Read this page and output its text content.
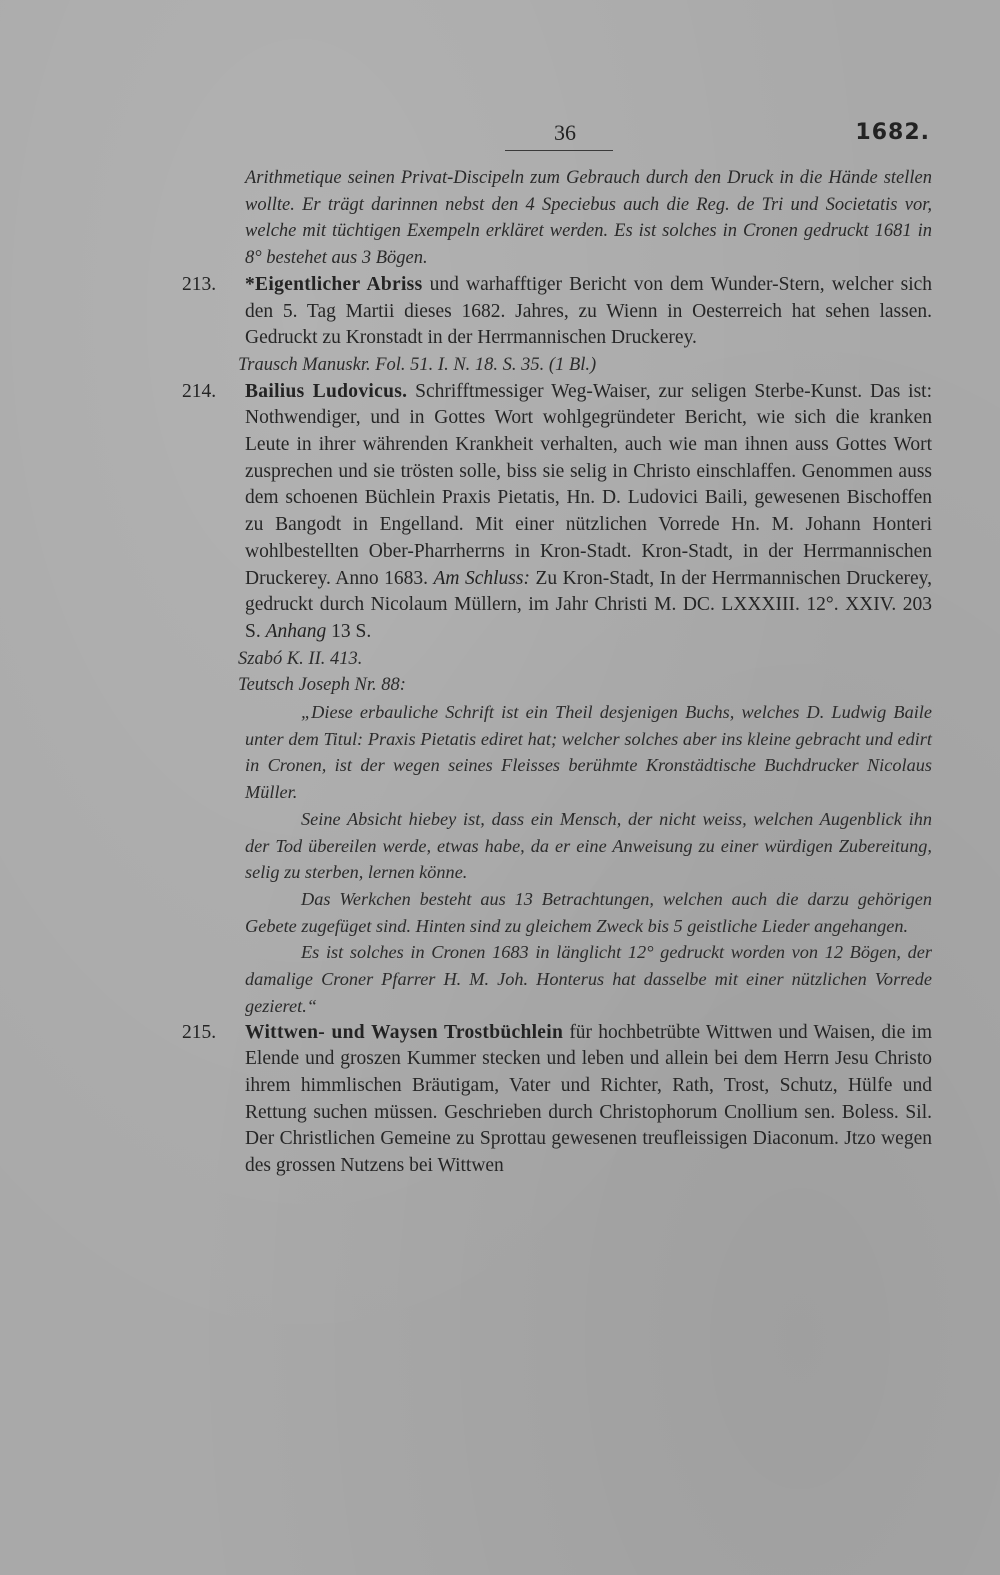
36	1682.
Arithmetique seinen Privat-Discipeln zum Gebrauch durch den Druck in die Hände stellen wollte. Er trägt darinnen nebst den 4 Speciebus auch die Reg. de Tri und Societatis vor, welche mit tüchtigen Exempeln erkläret werden. Es ist solches in Cronen gedruckt 1681 in 8° bestehet aus 3 Bögen.
213.	*Eigentlicher Abriss und warhafftiger Bericht von dem Wunder-Stern, welcher sich den 5. Tag Martii dieses 1682. Jahres, zu Wienn in Oesterreich hat sehen lassen. Gedruckt zu Kronstadt in der Herrmannischen Druckerey.
Trausch Manuskr. Fol. 51. I. N. 18. S. 35. (1 Bl.)
214.	Bailius Ludovicus. Schrifftmessiger Weg-Waiser, zur seligen Sterbe-Kunst. Das ist: Nothwendiger, und in Gottes Wort wohlgegründeter Bericht, wie sich die kranken Leute in ihrer währenden Krankheit verhalten, auch wie man ihnen auss Gottes Wort zusprechen und sie trösten solle, biss sie selig in Christo einschlaffen. Genommen auss dem schoenen Büchlein Praxis Pietatis, Hn. D. Ludovici Baili, gewesenen Bischoffen zu Bangodt in Engelland. Mit einer nützlichen Vorrede Hn. M. Johann Honteri wohlbestellten Ober-Pharrherrns in Kron-Stadt. Kron-Stadt, in der Herrmannischen Druckerey. Anno 1683. Am Schluss: Zu Kron-Stadt, In der Herrmannischen Druckerey, gedruckt durch Nicolaum Müllern, im Jahr Christi M. DC. LXXXIII. 12°. XXIV. 203 S. Anhang 13 S.
Szabó K. II. 413.
Teutsch Joseph Nr. 88:
„Diese erbauliche Schrift ist ein Theil desjenigen Buchs, welches D. Ludwig Baile unter dem Titul: Praxis Pietatis ediret hat; welcher solches aber ins kleine gebracht und edirt in Cronen, ist der wegen seines Fleisses berühmte Kronstädtische Buchdrucker Nicolaus Müller.
Seine Absicht hiebey ist, dass ein Mensch, der nicht weiss, welchen Augenblick ihn der Tod übereilen werde, etwas habe, da er eine Anweisung zu einer würdigen Zubereitung, selig zu sterben, lernen könne.
Das Werkchen besteht aus 13 Betrachtungen, welchen auch die darzu gehörigen Gebete zugefüget sind. Hinten sind zu gleichem Zweck bis 5 geistliche Lieder angehangen.
Es ist solches in Cronen 1683 in länglicht 12° gedruckt worden von 12 Bögen, der damalige Croner Pfarrer H. M. Joh. Honterus hat dasselbe mit einer nützlichen Vorrede gezieret.“
215.	Wittwen- und Waysen Trostbüchlein für hochbetrübte Wittwen und Waisen, die im Elende und groszen Kummer stecken und leben und allein bei dem Herrn Jesu Christo ihrem himmlischen Bräutigam, Vater und Richter, Rath, Trost, Schutz, Hülfe und Rettung suchen müssen. Geschrieben durch Christophorum Cnollium sen. Boless. Sil. Der Christlichen Gemeine zu Sprottau gewesenen treufleissigen Diaconum. Jtzo wegen des grossen Nutzens bei Wittwen
